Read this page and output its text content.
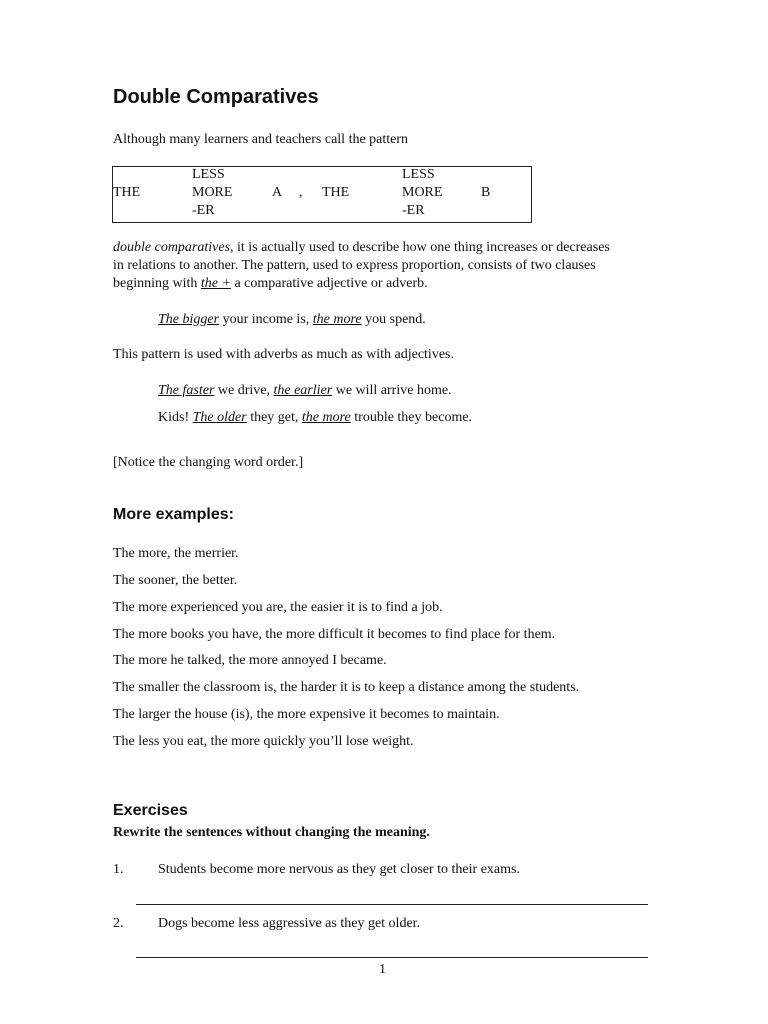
Double Comparatives
Although many learners and teachers call the pattern
THE
LESS
MORE
-ER
A , THE
LESS
MORE
-ER
B
double comparatives, it is actually used to describe how one thing increases or decreases
in relations to another. The pattern, used to express proportion, consists of two clauses
beginning with the + a comparative adjective or adverb.
The bigger your income is, the more you spend.
This pattern is used with adverbs as much as with adjectives.
The faster we drive, the earlier we will arrive home.
Kids! The older they get, the more trouble they become.
[Notice the changing word order.]
More examples:
The more, the merrier.
The sooner, the better.
The more experienced you are, the easier it is to find a job.
The more books you have, the more difficult it becomes to find place for them.
The more he talked, the more annoyed I became.
The smaller the classroom is, the harder it is to keep a distance among the students.
The larger the house (is), the more expensive it becomes to maintain.
The less you eat, the more quickly you’ll lose weight.
Exercises
Rewrite the sentences without changing the meaning.
1. Students become more nervous as they get closer to their exams.
2. Dogs become less aggressive as they get older.
1
